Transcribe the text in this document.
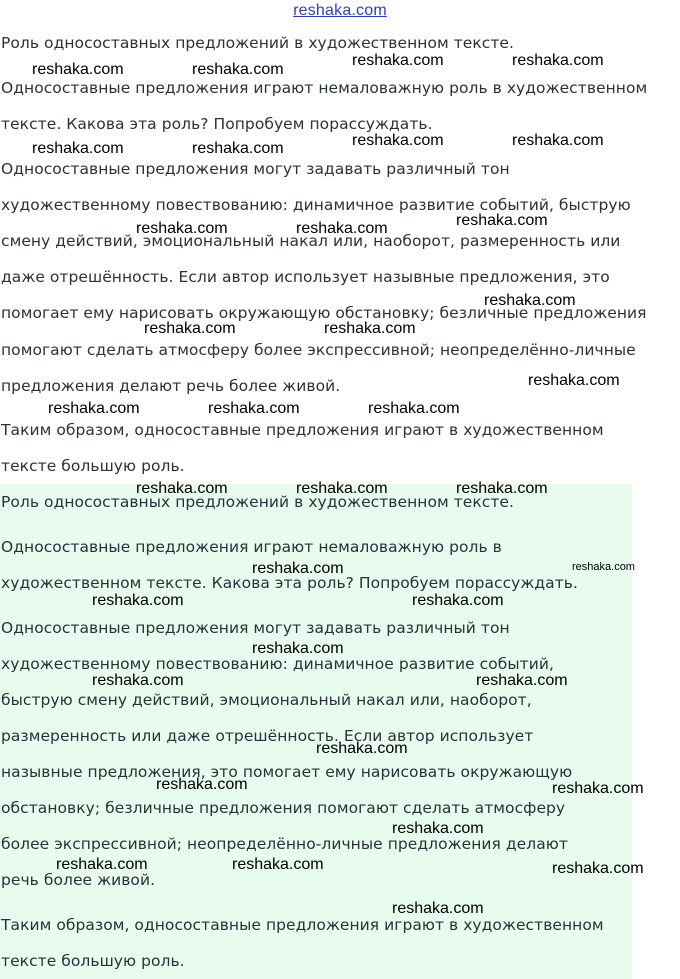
reshaka.com
Роль односоставных предложений в художественном тексте.
Односоставные предложения играют немаловажную роль в художественном
тексте. Какова эта роль? Попробуем порассуждать.
Односоставные предложения могут задавать различный тон
художественному повествованию: динамичное развитие событий, быструю
смену действий, эмоциональный накал или, наоборот, размеренность или
даже отрешённость. Если автор использует назывные предложения, это
помогает ему нарисовать окружающую обстановку; безличные предложения
помогают сделать атмосферу более экспрессивной; неопределённо-личные
предложения делают речь более живой.
Таким образом, односоставные предложения играют в художественном
тексте большую роль.
Роль односоставных предложений в художественном тексте.
Односоставные предложения играют немаловажную роль в
художественном тексте. Какова эта роль? Попробуем порассуждать.
Односоставные предложения могут задавать различный тон
художественному повествованию: динамичное развитие событий,
быструю смену действий, эмоциональный накал или, наоборот,
размеренность или даже отрешённость. Если автор использует
назывные предложения, это помогает ему нарисовать окружающую
обстановку; безличные предложения помогают сделать атмосферу
более экспрессивной; неопределённо-личные предложения делают
речь более живой.
Таким образом, односоставные предложения играют в художественном
тексте большую роль.
reshaka.com	reshaka.com
reshaka.com	reshaka.com
reshaka.com	reshaka.com
reshaka.com	reshaka.com
reshaka.com
reshaka.com	reshaka.com
reshaka.com
reshaka.com	reshaka.com
reshaka.com
reshaka.com	reshaka.com	reshaka.com
reshaka.com	reshaka.com	reshaka.com
reshaka.com
reshaka.com
reshaka.com	reshaka.com
reshaka.com
reshaka.com	reshaka.com
reshaka.com
reshaka.com	reshaka.com
reshaka.com
reshaka.com	reshaka.com	reshaka.com
reshaka.com
